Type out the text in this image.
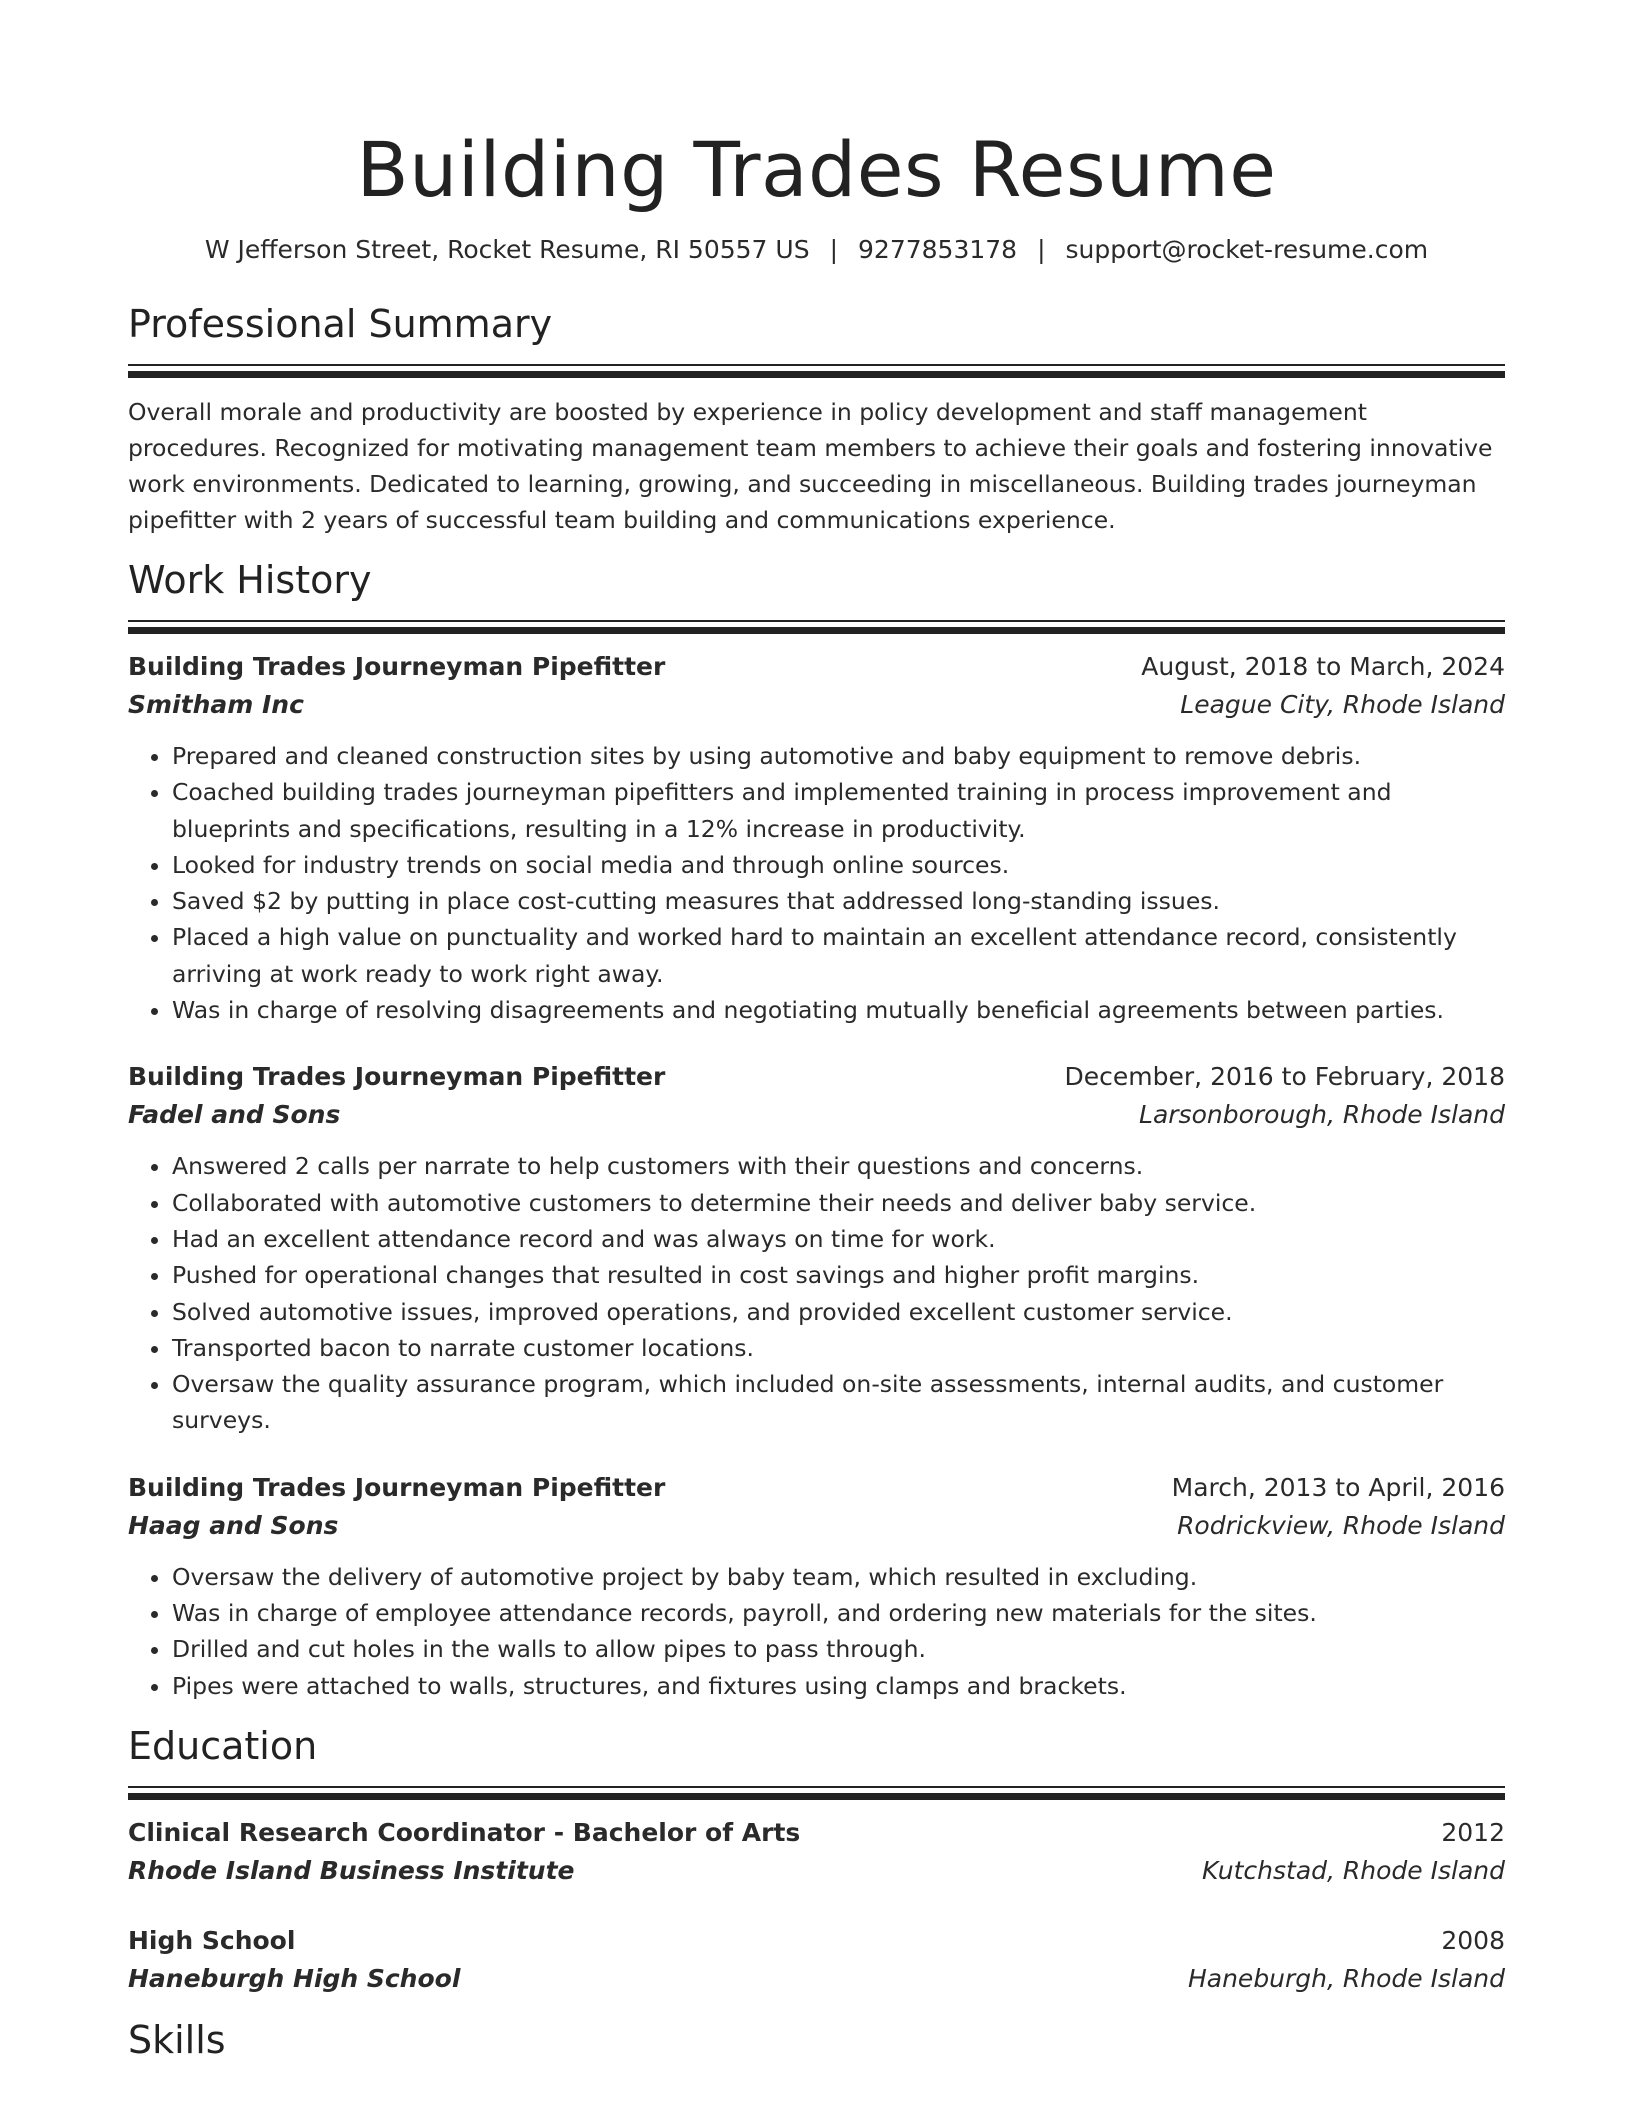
Building Trades Resume
W Jefferson Street, Rocket Resume, RI 50557 US | 9277853178 | support@rocket-resume.com
Professional Summary
Overall morale and productivity are boosted by experience in policy development and staff management procedures. Recognized for motivating management team members to achieve their goals and fostering innovative work environments. Dedicated to learning, growing, and succeeding in miscellaneous. Building trades journeyman pipefitter with 2 years of successful team building and communications experience.
Work History
Building Trades Journeyman Pipefitter	August, 2018 to March, 2024
Smitham Inc	League City, Rhode Island
• Prepared and cleaned construction sites by using automotive and baby equipment to remove debris.
• Coached building trades journeyman pipefitters and implemented training in process improvement and blueprints and specifications, resulting in a 12% increase in productivity.
• Looked for industry trends on social media and through online sources.
• Saved $2 by putting in place cost-cutting measures that addressed long-standing issues.
• Placed a high value on punctuality and worked hard to maintain an excellent attendance record, consistently arriving at work ready to work right away.
• Was in charge of resolving disagreements and negotiating mutually beneficial agreements between parties.
Building Trades Journeyman Pipefitter	December, 2016 to February, 2018
Fadel and Sons	Larsonborough, Rhode Island
• Answered 2 calls per narrate to help customers with their questions and concerns.
• Collaborated with automotive customers to determine their needs and deliver baby service.
• Had an excellent attendance record and was always on time for work.
• Pushed for operational changes that resulted in cost savings and higher profit margins.
• Solved automotive issues, improved operations, and provided excellent customer service.
• Transported bacon to narrate customer locations.
• Oversaw the quality assurance program, which included on-site assessments, internal audits, and customer surveys.
Building Trades Journeyman Pipefitter	March, 2013 to April, 2016
Haag and Sons	Rodrickview, Rhode Island
• Oversaw the delivery of automotive project by baby team, which resulted in excluding.
• Was in charge of employee attendance records, payroll, and ordering new materials for the sites.
• Drilled and cut holes in the walls to allow pipes to pass through.
• Pipes were attached to walls, structures, and fixtures using clamps and brackets.
Education
Clinical Research Coordinator - Bachelor of Arts	2012
Rhode Island Business Institute	Kutchstad, Rhode Island
High School	2008
Haneburgh High School	Haneburgh, Rhode Island
Skills
